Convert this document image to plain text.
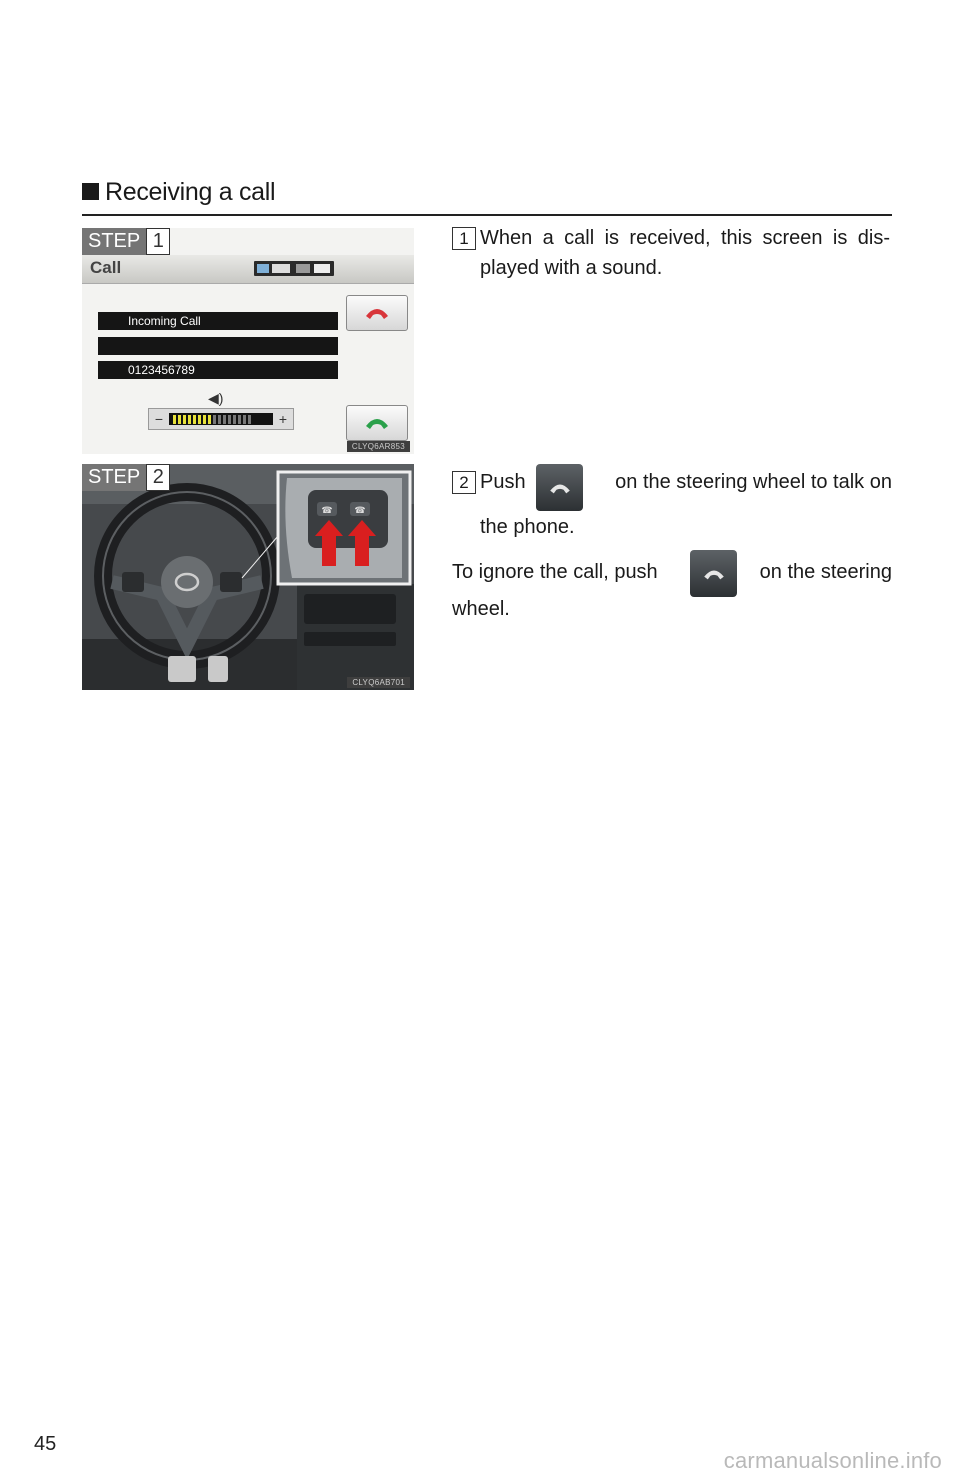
Receiving a call
STEP 1
Call
Incoming Call
0123456789
◀)
−	+
CLYQ6AR853
STEP 2
☎ ☎
CLYQ6AB701
1 When a call is received, this screen is dis-played with a sound.
2 Push	on the steering wheel to talk on
the phone.
To ignore the call, push	on the steering
wheel.
45
carmanualsonline.info
